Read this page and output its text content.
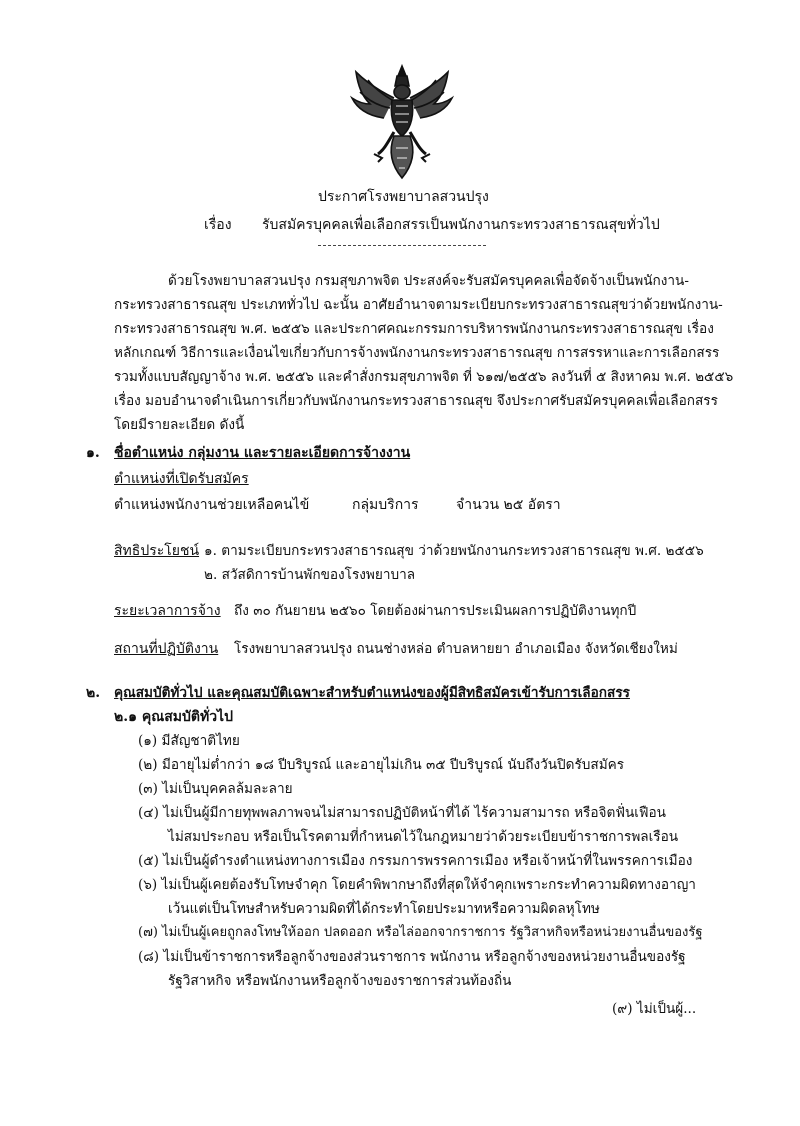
ประกาศโรงพยาบาลสวนปรุง
เรื่อง รับสมัครบุคคลเพื่อเลือกสรรเป็นพนักงานกระทรวงสาธารณสุขทั่วไป
ด้วยโรงพยาบาลสวนปรุง กรมสุขภาพจิต ประสงค์จะรับสมัครบุคคลเพื่อจัดจ้างเป็นพนักงาน-
กระทรวงสาธารณสุข ประเภททั่วไป ฉะนั้น อาศัยอำนาจตามระเบียบกระทรวงสาธารณสุขว่าด้วยพนักงาน-
กระทรวงสาธารณสุข พ.ศ. ๒๕๕๖ และประกาศคณะกรรมการบริหารพนักงานกระทรวงสาธารณสุข เรื่อง
หลักเกณฑ์ วิธีการและเงื่อนไขเกี่ยวกับการจ้างพนักงานกระทรวงสาธารณสุข การสรรหาและการเลือกสรร
รวมทั้งแบบสัญญาจ้าง พ.ศ. ๒๕๕๖ และคำสั่งกรมสุขภาพจิต ที่ ๖๑๗/๒๕๕๖ ลงวันที่ ๕ สิงหาคม พ.ศ. ๒๕๕๖
เรื่อง มอบอำนาจดำเนินการเกี่ยวกับพนักงานกระทรวงสาธารณสุข จึงประกาศรับสมัครบุคคลเพื่อเลือกสรร
โดยมีรายละเอียด ดังนี้
๑. ชื่อตำแหน่ง กลุ่มงาน และรายละเอียดการจ้างงาน
ตำแหน่งที่เปิดรับสมัคร
ตำแหน่งพนักงานช่วยเหลือคนไข้	กลุ่มบริการ	จำนวน ๒๕ อัตรา
สิทธิประโยชน์ ๑. ตามระเบียบกระทรวงสาธารณสุข ว่าด้วยพนักงานกระทรวงสาธารณสุข พ.ศ. ๒๕๕๖
๒. สวัสดิการบ้านพักของโรงพยาบาล
ระยะเวลาการจ้าง ถึง ๓๐ กันยายน ๒๕๖๐ โดยต้องผ่านการประเมินผลการปฏิบัติงานทุกปี
สถานที่ปฏิบัติงาน โรงพยาบาลสวนปรุง ถนนช่างหล่อ ตำบลหายยา อำเภอเมือง จังหวัดเชียงใหม่
๒. คุณสมบัติทั่วไป และคุณสมบัติเฉพาะสำหรับตำแหน่งของผู้มีสิทธิสมัครเข้ารับการเลือกสรร
๒.๑ คุณสมบัติทั่วไป
(๑) มีสัญชาติไทย
(๒) มีอายุไม่ต่ำกว่า ๑๘ ปีบริบูรณ์ และอายุไม่เกิน ๓๕ ปีบริบูรณ์ นับถึงวันปิดรับสมัคร
(๓) ไม่เป็นบุคคลล้มละลาย
(๔) ไม่เป็นผู้มีกายทุพพลภาพจนไม่สามารถปฏิบัติหน้าที่ได้ ไร้ความสามารถ หรือจิตฟั่นเฟือน
ไม่สมประกอบ หรือเป็นโรคตามที่กำหนดไว้ในกฎหมายว่าด้วยระเบียบข้าราชการพลเรือน
(๕) ไม่เป็นผู้ดำรงตำแหน่งทางการเมือง กรรมการพรรคการเมือง หรือเจ้าหน้าที่ในพรรคการเมือง
(๖) ไม่เป็นผู้เคยต้องรับโทษจำคุก โดยคำพิพากษาถึงที่สุดให้จำคุกเพราะกระทำความผิดทางอาญา
เว้นแต่เป็นโทษสำหรับความผิดที่ได้กระทำโดยประมาทหรือความผิดลหุโทษ
(๗) ไม่เป็นผู้เคยถูกลงโทษให้ออก ปลดออก หรือไล่ออกจากราชการ รัฐวิสาหกิจหรือหน่วยงานอื่นของรัฐ
(๘) ไม่เป็นข้าราชการหรือลูกจ้างของส่วนราชการ พนักงาน หรือลูกจ้างของหน่วยงานอื่นของรัฐ
รัฐวิสาหกิจ หรือพนักงานหรือลูกจ้างของราชการส่วนท้องถิ่น
(๙) ไม่เป็นผู้...
